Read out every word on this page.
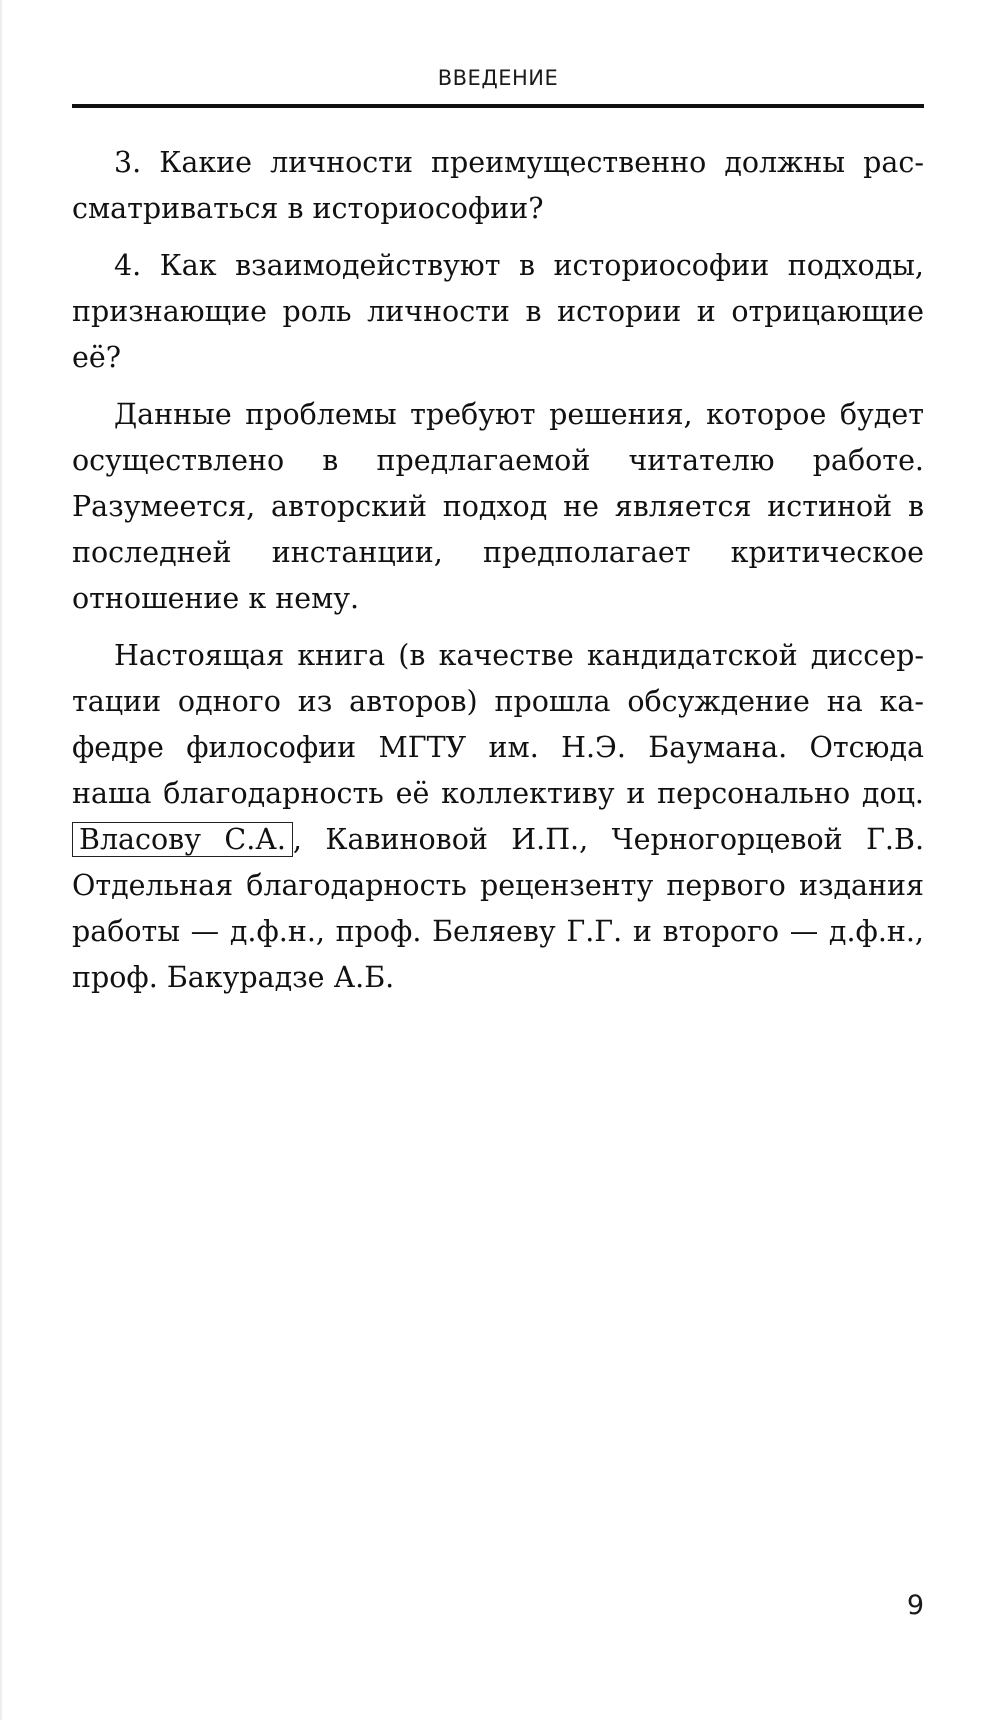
ВВЕДЕНИЕ

3. Какие личности преимущественно должны рассматриваться в историософии?

4. Как взаимодействуют в историософии подходы, признающие роль личности в истории и отрицающие её?

Данные проблемы требуют решения, которое будет осуществлено в предлагаемой читателю работе. Разумеется, авторский подход не является истиной в последней инстанции, предполагает критическое отношение к нему.

Настоящая книга (в качестве кандидатской диссертации одного из авторов) прошла обсуждение на кафедре философии МГТУ им. Н.Э. Баумана. Отсюда наша благодарность её коллективу и персонально доц. Власову С.А. , Кавиновой И.П., Черногорцевой Г.В. Отдельная благодарность рецензенту первого издания работы — д.ф.н., проф. Беляеву Г.Г. и второго — д.ф.н., проф. Бакурадзе А.Б.

9
